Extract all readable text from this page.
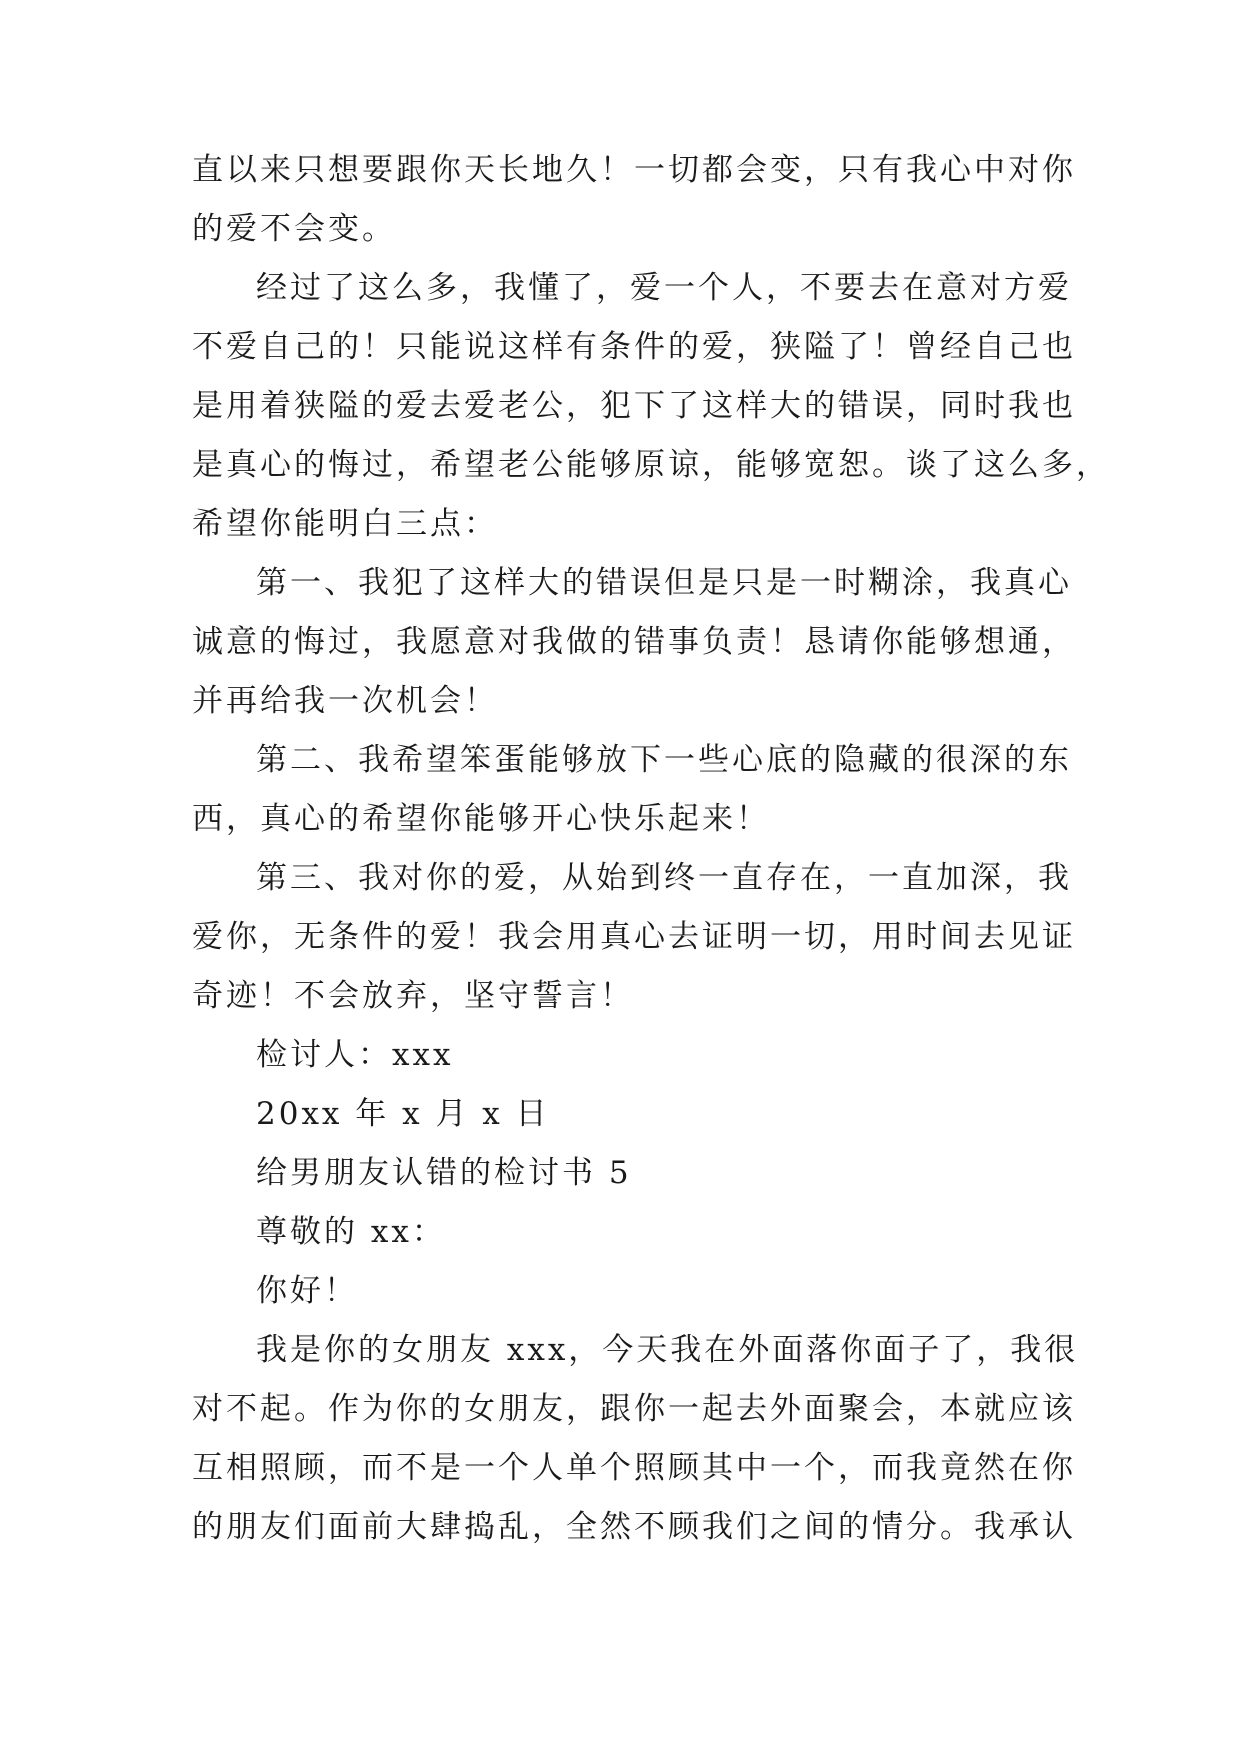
直以来只想要跟你天长地久！一切都会变，只有我心中对你
的爱不会变。
经过了这么多，我懂了，爱一个人，不要去在意对方爱
不爱自己的！只能说这样有条件的爱，狭隘了！曾经自己也
是用着狭隘的爱去爱老公，犯下了这样大的错误，同时我也
是真心的悔过，希望老公能够原谅，能够宽恕。谈了这么多，
希望你能明白三点：
第一、我犯了这样大的错误但是只是一时糊涂，我真心
诚意的悔过，我愿意对我做的错事负责！恳请你能够想通，
并再给我一次机会！
第二、我希望笨蛋能够放下一些心底的隐藏的很深的东
西，真心的希望你能够开心快乐起来！
第三、我对你的爱，从始到终一直存在，一直加深，我
爱你，无条件的爱！我会用真心去证明一切，用时间去见证
奇迹！不会放弃，坚守誓言！
检讨人：xxx
20xx 年 x 月 x 日
给男朋友认错的检讨书 5
尊敬的 xx：
你好！
我是你的女朋友 xxx，今天我在外面落你面子了，我很
对不起。作为你的女朋友，跟你一起去外面聚会，本就应该
互相照顾，而不是一个人单个照顾其中一个，而我竟然在你
的朋友们面前大肆捣乱，全然不顾我们之间的情分。我承认
